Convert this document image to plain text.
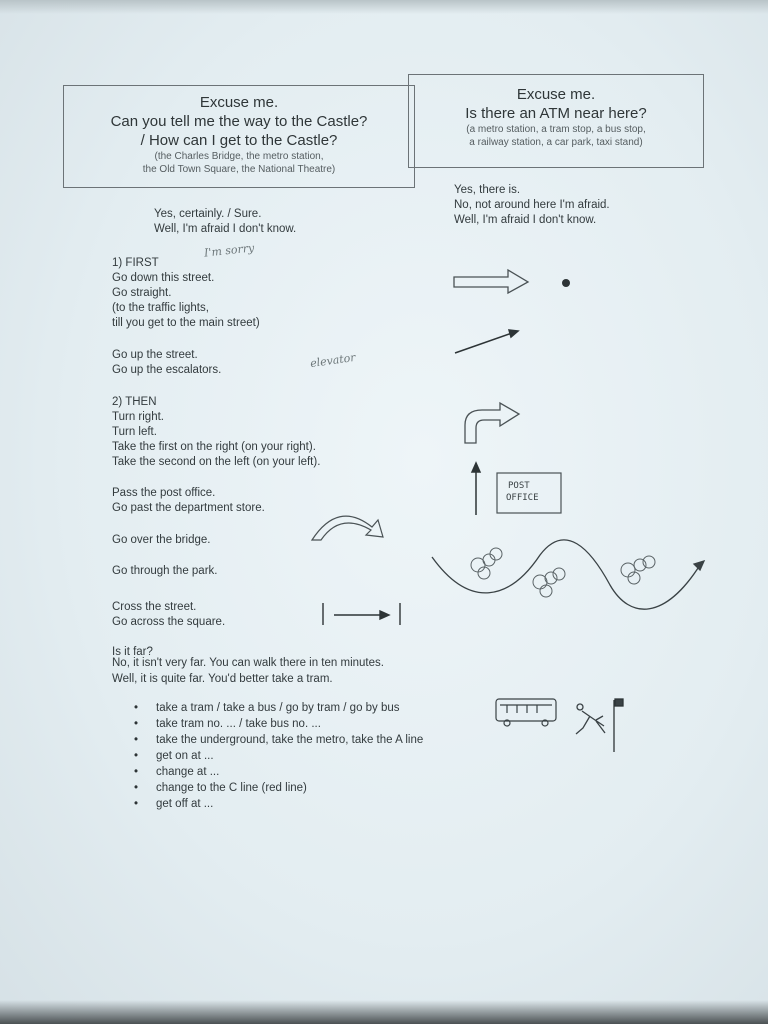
Excuse me.
Can you tell me the way to the Castle?
/ How can I get to the Castle?
(the Charles Bridge, the metro station,
the Old Town Square, the National Theatre)
Excuse me.
Is there an ATM near here?
(a metro station, a tram stop, a bus stop,
a railway station, a car park, taxi stand)
Yes, certainly. / Sure.
Well, I'm afraid I don't know.
Yes, there is.
No, not around here I'm afraid.
Well, I'm afraid I don't know.
I'm sorry
1) FIRST
Go down this street.
Go straight.
(to the traffic lights,
till you get to the main street)
Go up the street.
Go up the escalators.	elevator
2) THEN
Turn right.
Turn left.
Take the first on the right (on your right).
Take the second on the left (on your left).
Pass the post office.
Go past the department store.
Go over the bridge.
Go through the park.
Cross the street.
Go across the square.
Is it far?
No, it isn't very far. You can walk there in ten minutes.
Well, it is quite far. You'd better take a tram.
• take a tram / take a bus / go by tram / go by bus
• take tram no. ... / take bus no. ...
• take the underground, take the metro, take the A line
• get on at ...
• change at ...
• change to the C line (red line)
• get off at ...
POST
OFFICE
